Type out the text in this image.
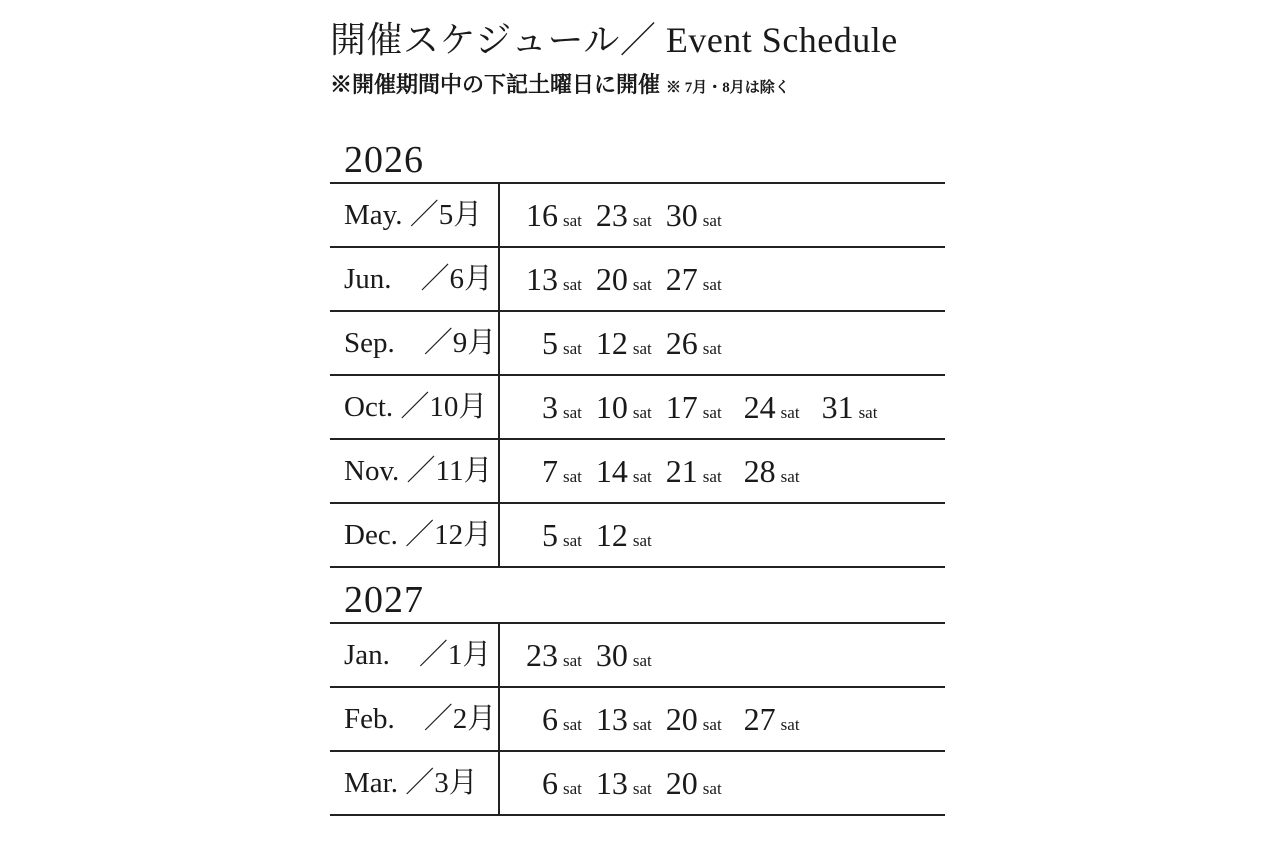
開催スケジュール／ Event Schedule
※開催期間中の下記土曜日に開催 ※ 7月・8月は除く
2026
May. ／5月	16 sat 23 sat 30 sat
Jun.　／6月 13 sat 20 sat 27 sat
Sep.　／9月	5 sat 12 sat 26 sat
Oct. ／10月	3 sat 10 sat 17 sat 24 sat 31 sat
Nov. ／11月	7 sat 14 sat 21 sat 28 sat
Dec. ／12月	5 sat 12 sat
2027
Jan.　／1月 23 sat 30 sat
Feb.　／2月	6 sat 13 sat 20 sat 27 sat
Mar. ／3月	6 sat 13 sat 20 sat
